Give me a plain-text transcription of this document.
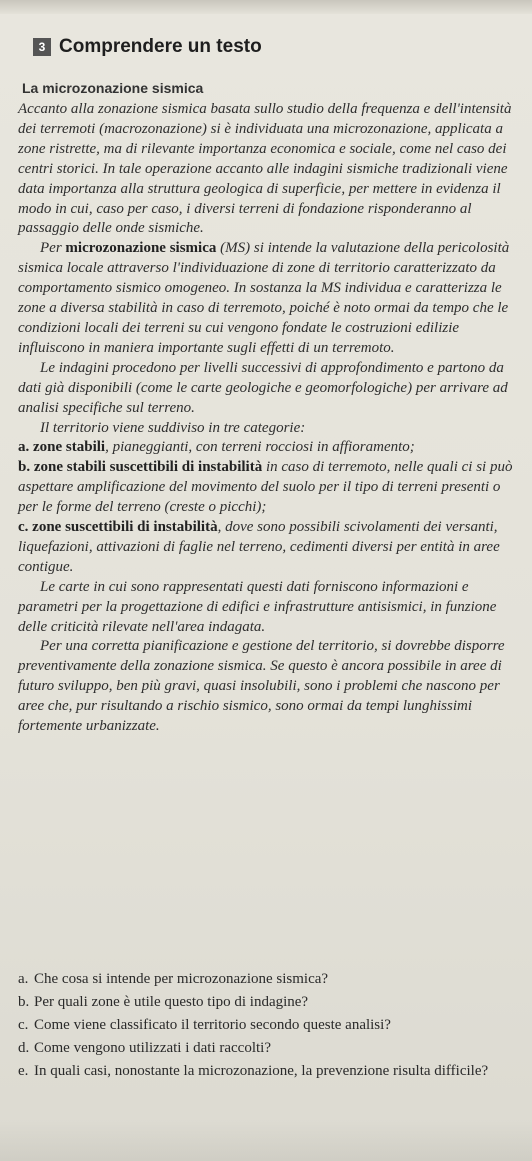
3 Comprendere un testo
La microzonazione sismica

Accanto alla zonazione sismica basata sullo studio della frequenza e dell'intensità dei terremoti (macrozonazione) si è individuata una microzonazione, applicata a zone ristrette, ma di rilevante importanza economica e sociale, come nel caso dei centri storici. In tale operazione accanto alle indagini sismiche tradizionali viene data importanza alla struttura geologica di superficie, per mettere in evidenza il modo in cui, caso per caso, i diversi terreni di fondazione risponderanno al passaggio delle onde sismiche.

Per microzonazione sismica (MS) si intende la valutazione della pericolosità sismica locale attraverso l'individuazione di zone di territorio caratterizzato da comportamento sismico omogeneo. In sostanza la MS individua e caratterizza le zone a diversa stabilità in caso di terremoto, poiché è noto ormai da tempo che le condizioni locali dei terreni su cui vengono fondate le costruzioni edilizie influiscono in maniera importante sugli effetti di un terremoto.

Le indagini procedono per livelli successivi di approfondimento e partono da dati già disponibili (come le carte geologiche e geomorfologiche) per arrivare ad analisi specifiche sul terreno.

Il territorio viene suddiviso in tre categorie:

a. zone stabili, pianeggianti, con terreni rocciosi in affioramento;

b. zone stabili suscettibili di instabilità in caso di terremoto, nelle quali ci si può aspettare amplificazione del movimento del suolo per il tipo di terreni presenti o per le forme del terreno (creste o picchi);

c. zone suscettibili di instabilità, dove sono possibili scivolamenti dei versanti, liquefazioni, attivazioni di faglie nel terreno, cedimenti diversi per entità in aree contigue.

Le carte in cui sono rappresentati questi dati forniscono informazioni e parametri per la progettazione di edifici e infrastrutture antisismici, in funzione delle criticità rilevate nell'area indagata.

Per una corretta pianificazione e gestione del territorio, si dovrebbe disporre preventivamente della zonazione sismica. Se questo è ancora possibile in aree di futuro sviluppo, ben più gravi, quasi insolubili, sono i problemi che nascono per aree che, pur risultando a rischio sismico, sono ormai da tempi lunghissimi fortemente urbanizzate.

a. Che cosa si intende per microzonazione sismica?
b. Per quali zone è utile questo tipo di indagine?
c. Come viene classificato il territorio secondo queste analisi?
d. Come vengono utilizzati i dati raccolti?
e. In quali casi, nonostante la microzonazione, la prevenzione risulta difficile?
